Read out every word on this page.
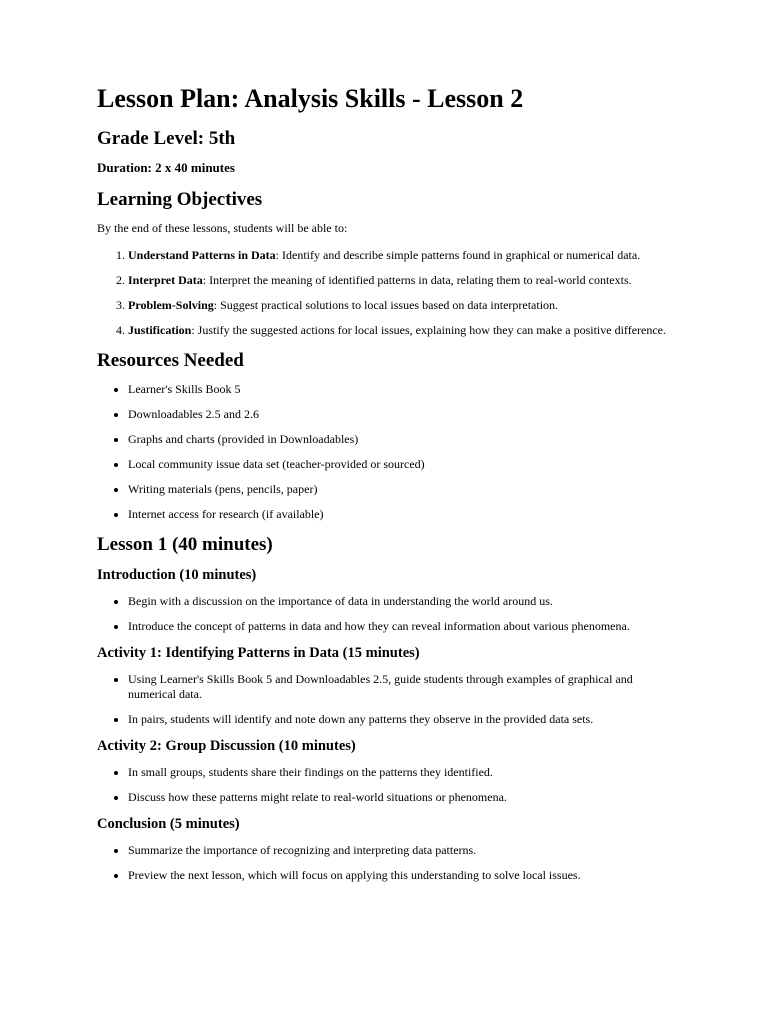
Lesson Plan: Analysis Skills - Lesson 2
Grade Level: 5th

Duration: 2 x 40 minutes

Learning Objectives

By the end of these lessons, students will be able to:

1. Understand Patterns in Data: Identify and describe simple patterns found in graphical or numerical data.
2. Interpret Data: Interpret the meaning of identified patterns in data, relating them to real-world contexts.
3. Problem-Solving: Suggest practical solutions to local issues based on data interpretation.
4. Justification: Justify the suggested actions for local issues, explaining how they can make a positive difference.
Resources Needed
• Learner's Skills Book 5
• Downloadables 2.5 and 2.6
• Graphs and charts (provided in Downloadables)
• Local community issue data set (teacher-provided or sourced)
• Writing materials (pens, pencils, paper)
• Internet access for research (if available)
Lesson 1 (40 minutes)
Introduction (10 minutes)
• Begin with a discussion on the importance of data in understanding the world around us.
• Introduce the concept of patterns in data and how they can reveal information about various phenomena.
Activity 1: Identifying Patterns in Data (15 minutes)
• Using Learner's Skills Book 5 and Downloadables 2.5, guide students through examples of graphical and numerical data.
• In pairs, students will identify and note down any patterns they observe in the provided data sets.
Activity 2: Group Discussion (10 minutes)
• In small groups, students share their findings on the patterns they identified.
• Discuss how these patterns might relate to real-world situations or phenomena.
Conclusion (5 minutes)
• Summarize the importance of recognizing and interpreting data patterns.
• Preview the next lesson, which will focus on applying this understanding to solve local issues.
